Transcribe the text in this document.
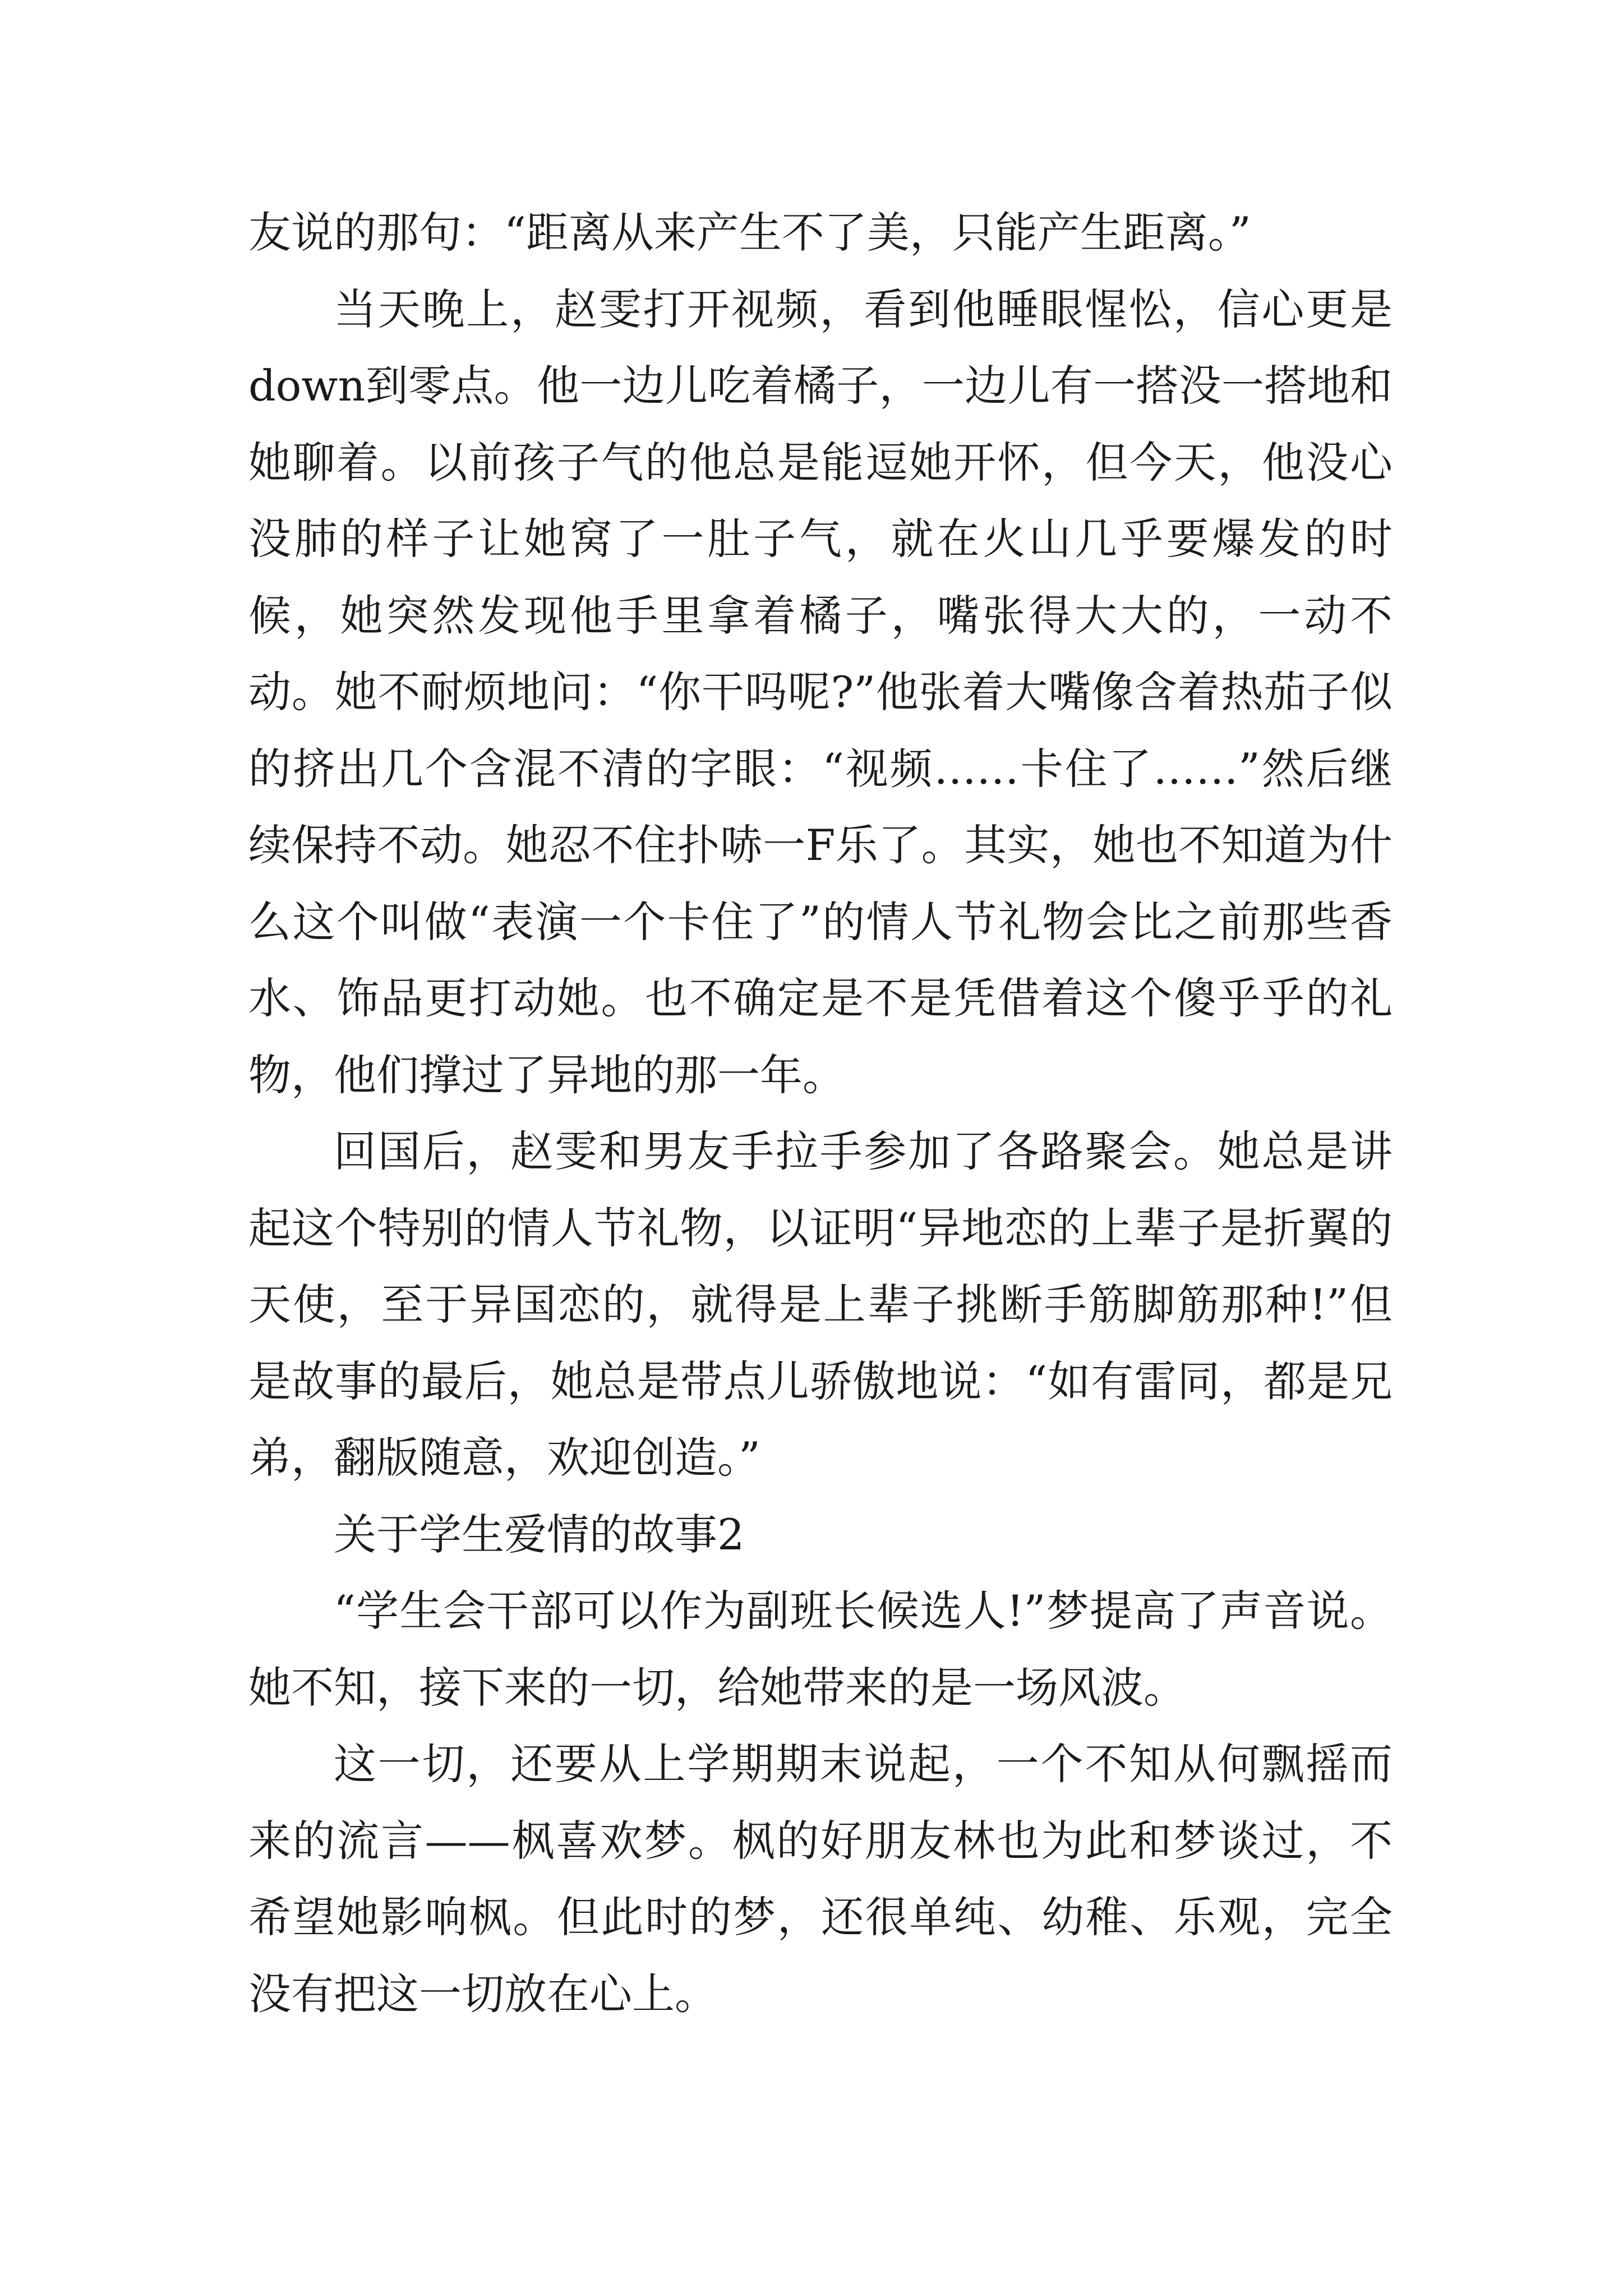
友说的那句：“距离从来产生不了美，只能产生距离。”

当天晚上，赵雯打开视频，看到他睡眼惺忪，信心更是down到零点。他一边儿吃着橘子，一边儿有一搭没一搭地和她聊着。以前孩子气的他总是能逗她开怀，但今天，他没心没肺的样子让她窝了一肚子气，就在火山几乎要爆发的时候，她突然发现他手里拿着橘子，嘴张得大大的，一动不动。她不耐烦地问：“你干吗呢?”他张着大嘴像含着热茄子似的挤出几个含混不清的字眼：“视频……卡住了……”然后继续保持不动。她忍不住扑哧一F乐了。其实，她也不知道为什么这个叫做“表演一个卡住了”的情人节礼物会比之前那些香水、饰品更打动她。也不确定是不是凭借着这个傻乎乎的礼物，他们撑过了异地的那一年。

回国后，赵雯和男友手拉手参加了各路聚会。她总是讲起这个特别的情人节礼物，以证明“异地恋的上辈子是折翼的天使，至于异国恋的，就得是上辈子挑断手筋脚筋那种!”但是故事的最后，她总是带点儿骄傲地说：“如有雷同，都是兄弟，翻版随意，欢迎创造。”

关于学生爱情的故事2

“学生会干部可以作为副班长候选人!”梦提高了声音说。她不知，接下来的一切，给她带来的是一场风波。

这一切，还要从上学期期末说起，一个不知从何飘摇而来的流言——枫喜欢梦。枫的好朋友林也为此和梦谈过，不希望她影响枫。但此时的梦，还很单纯、幼稚、乐观，完全没有把这一切放在心上。
